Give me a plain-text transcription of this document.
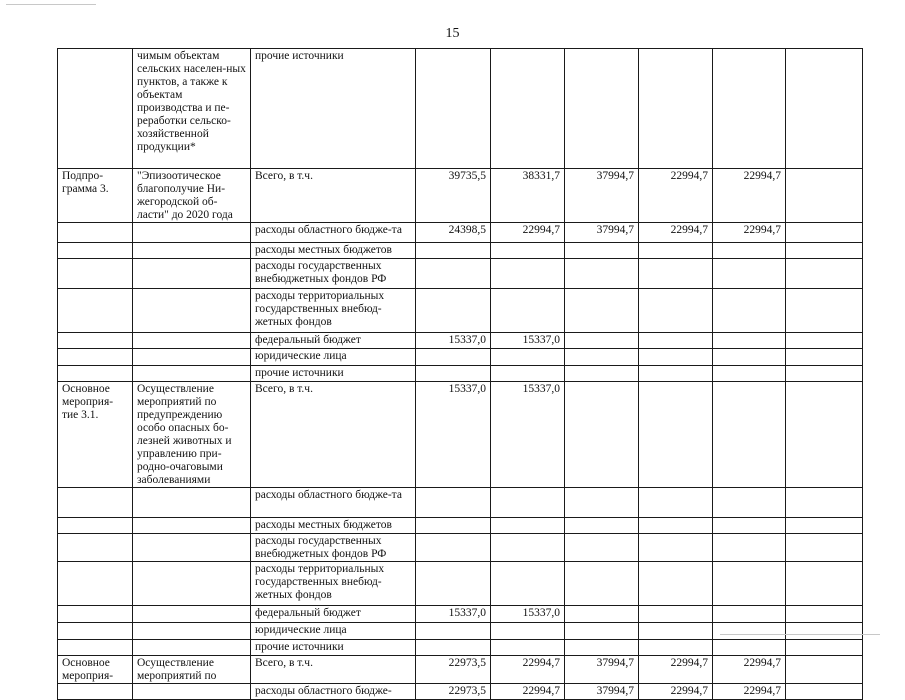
15
	чимым объектам сельских населен-ных пунктов, а также к объектам производства и пе-реработки сельско-хозяйственной продукции*	прочие источники						
Подпро-грамма 3.	"Эпизоотическое благополучие Ни-жегородской об-ласти" до 2020 года	Всего, в т.ч.	39735,5	38331,7	37994,7	22994,7	22994,7	
		расходы областного бюдже-та	24398,5	22994,7	37994,7	22994,7	22994,7	
		расходы местных бюджетов						
		расходы государственных внебюджетных фондов РФ						
		расходы территориальных государственных внебюд-жетных фондов						
		федеральный бюджет	15337,0	15337,0				
		юридические лица						
		прочие источники						
Основное мероприя-тие 3.1.	Осуществление мероприятий по предупреждению особо опасных бо-лезней животных и управлению при-родно-очаговыми заболеваниями	Всего, в т.ч.	15337,0	15337,0				
		расходы областного бюдже-та						
		расходы местных бюджетов						
		расходы государственных внебюджетных фондов РФ						
		расходы территориальных государственных внебюд-жетных фондов						
		федеральный бюджет	15337,0	15337,0				
		юридические лица						
		прочие источники						
Основное мероприя-	Осуществление мероприятий по	Всего, в т.ч.	22973,5	22994,7	37994,7	22994,7	22994,7	
		расходы областного бюдже-	22973,5	22994,7	37994,7	22994,7	22994,7	
